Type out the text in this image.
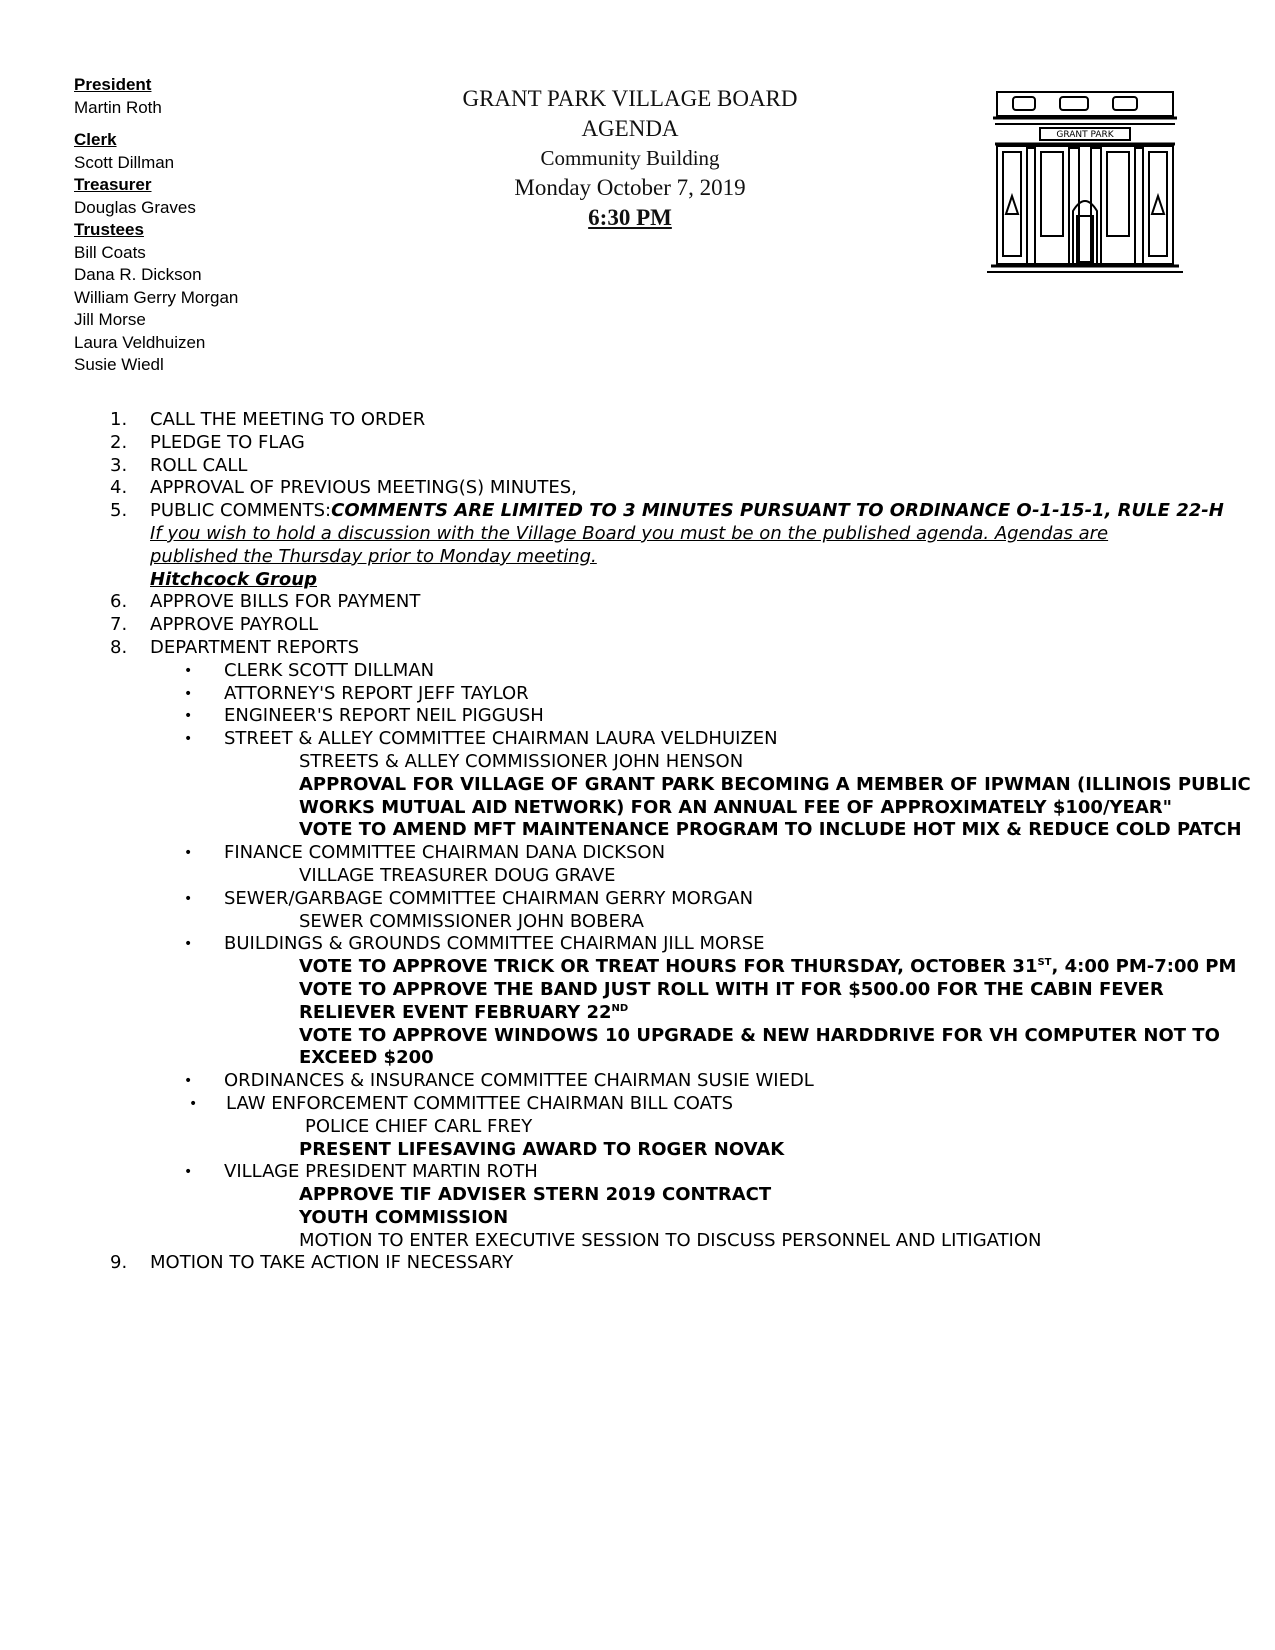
President
Martin Roth
Clerk
Scott Dillman
Treasurer
Douglas Graves
Trustees
Bill Coats
Dana R. Dickson
William Gerry Morgan
Jill Morse
Laura Veldhuizen
Susie Wiedl
GRANT PARK VILLAGE BOARD
AGENDA
Community Building
Monday October 7, 2019
6:30 PM
GRANT PARK
1. CALL THE MEETING TO ORDER
2. PLEDGE TO FLAG
3. ROLL CALL
4. APPROVAL OF PREVIOUS MEETING(S) MINUTES,
5. PUBLIC COMMENTS:COMMENTS ARE LIMITED TO 3 MINUTES PURSUANT TO ORDINANCE O-1-15-1, RULE 22-H
If you wish to hold a discussion with the Village Board you must be on the published agenda. Agendas are
published the Thursday prior to Monday meeting.
Hitchcock Group
6. APPROVE BILLS FOR PAYMENT
7. APPROVE PAYROLL
8. DEPARTMENT REPORTS
• CLERK SCOTT DILLMAN
• ATTORNEY'S REPORT JEFF TAYLOR
• ENGINEER'S REPORT NEIL PIGGUSH
• STREET & ALLEY COMMITTEE CHAIRMAN LAURA VELDHUIZEN
STREETS & ALLEY COMMISSIONER JOHN HENSON
APPROVAL FOR VILLAGE OF GRANT PARK BECOMING A MEMBER OF IPWMAN (ILLINOIS PUBLIC
WORKS MUTUAL AID NETWORK) FOR AN ANNUAL FEE OF APPROXIMATELY $100/YEAR"
VOTE TO AMEND MFT MAINTENANCE PROGRAM TO INCLUDE HOT MIX & REDUCE COLD PATCH
• FINANCE COMMITTEE CHAIRMAN DANA DICKSON
VILLAGE TREASURER DOUG GRAVE
• SEWER/GARBAGE COMMITTEE CHAIRMAN GERRY MORGAN
SEWER COMMISSIONER JOHN BOBERA
• BUILDINGS & GROUNDS COMMITTEE CHAIRMAN JILL MORSE
VOTE TO APPROVE TRICK OR TREAT HOURS FOR THURSDAY, OCTOBER 31ST, 4:00 PM-7:00 PM
VOTE TO APPROVE THE BAND JUST ROLL WITH IT FOR $500.00 FOR THE CABIN FEVER
RELIEVER EVENT FEBRUARY 22ND
VOTE TO APPROVE WINDOWS 10 UPGRADE & NEW HARDDRIVE FOR VH COMPUTER NOT TO
EXCEED $200
• ORDINANCES & INSURANCE COMMITTEE CHAIRMAN SUSIE WIEDL
• LAW ENFORCEMENT COMMITTEE CHAIRMAN BILL COATS
POLICE CHIEF CARL FREY
PRESENT LIFESAVING AWARD TO ROGER NOVAK
• VILLAGE PRESIDENT MARTIN ROTH
APPROVE TIF ADVISER STERN 2019 CONTRACT
YOUTH COMMISSION
MOTION TO ENTER EXECUTIVE SESSION TO DISCUSS PERSONNEL AND LITIGATION
9. MOTION TO TAKE ACTION IF NECESSARY
